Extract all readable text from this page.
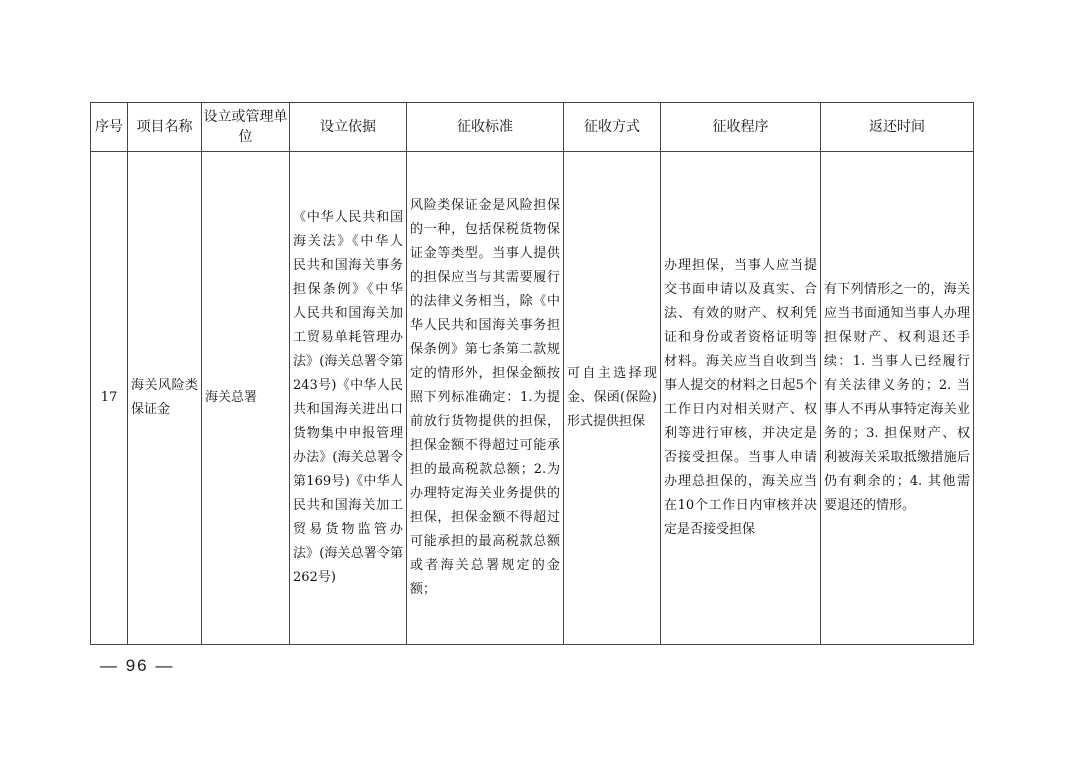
序号	项目名称	设立或管理单位	设立依据	征收标准	征收方式	征收程序	返还时间

17	海关风险类保证金	海关总署	《中华人民共和国海关法》《中华人民共和国海关事务担保条例》《中华人民共和国海关加工贸易单耗管理办法》(海关总署令第243号)《中华人民共和国海关进出口货物集中申报管理办法》(海关总署令第169号)《中华人民共和国海关加工贸易货物监管办法》(海关总署令第262号)	风险类保证金是风险担保的一种，包括保税货物保证金等类型。当事人提供的担保应当与其需要履行的法律义务相当，除《中华人民共和国海关事务担保条例》第七条第二款规定的情形外，担保金额按照下列标准确定：1.为提前放行货物提供的担保，担保金额不得超过可能承担的最高税款总额；2.为办理特定海关业务提供的担保，担保金额不得超过可能承担的最高税款总额或者海关总署规定的金额；	可自主选择现金、保函(保险)形式提供担保	办理担保，当事人应当提交书面申请以及真实、合法、有效的财产、权利凭证和身份或者资格证明等材料。海关应当自收到当事人提交的材料之日起5个工作日内对相关财产、权利等进行审核，并决定是否接受担保。当事人申请办理总担保的，海关应当在10个工作日内审核并决定是否接受担保	有下列情形之一的，海关应当书面通知当事人办理担保财产、权利退还手续：1. 当事人已经履行有关法律义务的；2. 当事人不再从事特定海关业务的；3. 担保财产、权利被海关采取抵缴措施后仍有剩余的；4. 其他需要退还的情形。
— 96 —
